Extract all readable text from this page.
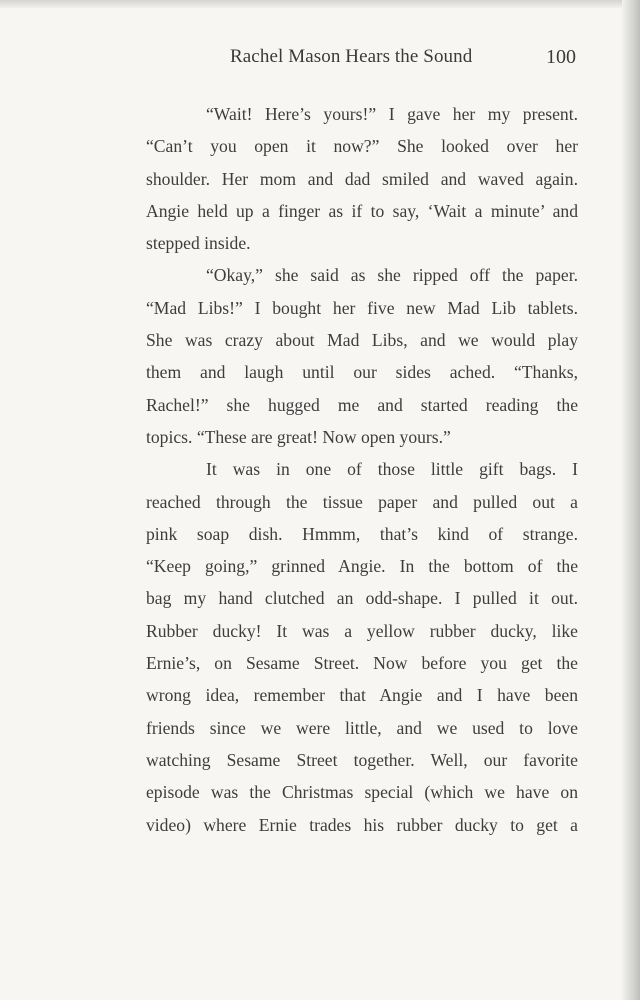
Rachel Mason Hears the Sound	100
“Wait! Here’s yours!” I gave her my present.
“Can’t you open it now?” She looked over her
shoulder. Her mom and dad smiled and waved again.
Angie held up a finger as if to say, ‘Wait a minute’ and
stepped inside.
“Okay,” she said as she ripped off the paper.
“Mad Libs!” I bought her five new Mad Lib tablets.
She was crazy about Mad Libs, and we would play
them and laugh until our sides ached. “Thanks,
Rachel!” she hugged me and started reading the
topics. “These are great! Now open yours.”
It was in one of those little gift bags. I
reached through the tissue paper and pulled out a
pink soap dish. Hmmm, that’s kind of strange.
“Keep going,” grinned Angie. In the bottom of the
bag my hand clutched an odd-shape. I pulled it out.
Rubber ducky! It was a yellow rubber ducky, like
Ernie’s, on Sesame Street. Now before you get the
wrong idea, remember that Angie and I have been
friends since we were little, and we used to love
watching Sesame Street together. Well, our favorite
episode was the Christmas special (which we have on
video) where Ernie trades his rubber ducky to get a
